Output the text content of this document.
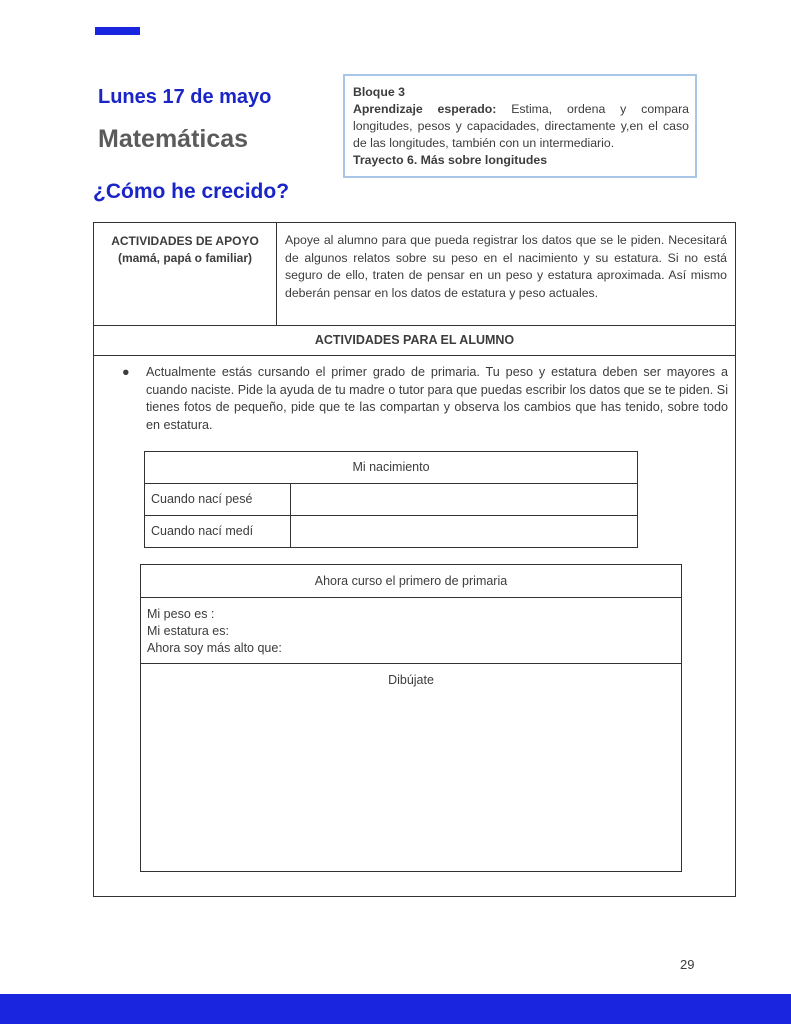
Lunes 17 de mayo
Matemáticas
¿Cómo he crecido?

Bloque 3

Aprendizaje esperado: Estima, ordena y compara longitudes, pesos y capacidades, directamente y,en el caso de las longitudes, también con un intermediario.

Trayecto 6. Más sobre longitudes

ACTIVIDADES DE APOYO
(mamá, papá o familiar)
Apoye al alumno para que pueda registrar los datos que se le piden. Necesitará de algunos relatos sobre su peso en el nacimiento y su estatura. Si no está seguro de ello, traten de pensar en un peso y estatura aproximada. Así mismo deberán pensar en los datos de estatura y peso actuales.
ACTIVIDADES PARA EL ALUMNO
●	Actualmente estás cursando el primer grado de primaria. Tu peso y estatura deben ser mayores a cuando naciste. Pide la ayuda de tu madre o tutor para que puedas escribir los datos que se te piden. Si tienes fotos de pequeño, pide que te las compartan y observa los cambios que has tenido, sobre todo en estatura.
Mi nacimiento
Cuando nací pesé
Cuando nací medí
Ahora curso el primero de primaria
Mi peso es :
Mi estatura es:
Ahora soy más alto que:
Dibújate
29
